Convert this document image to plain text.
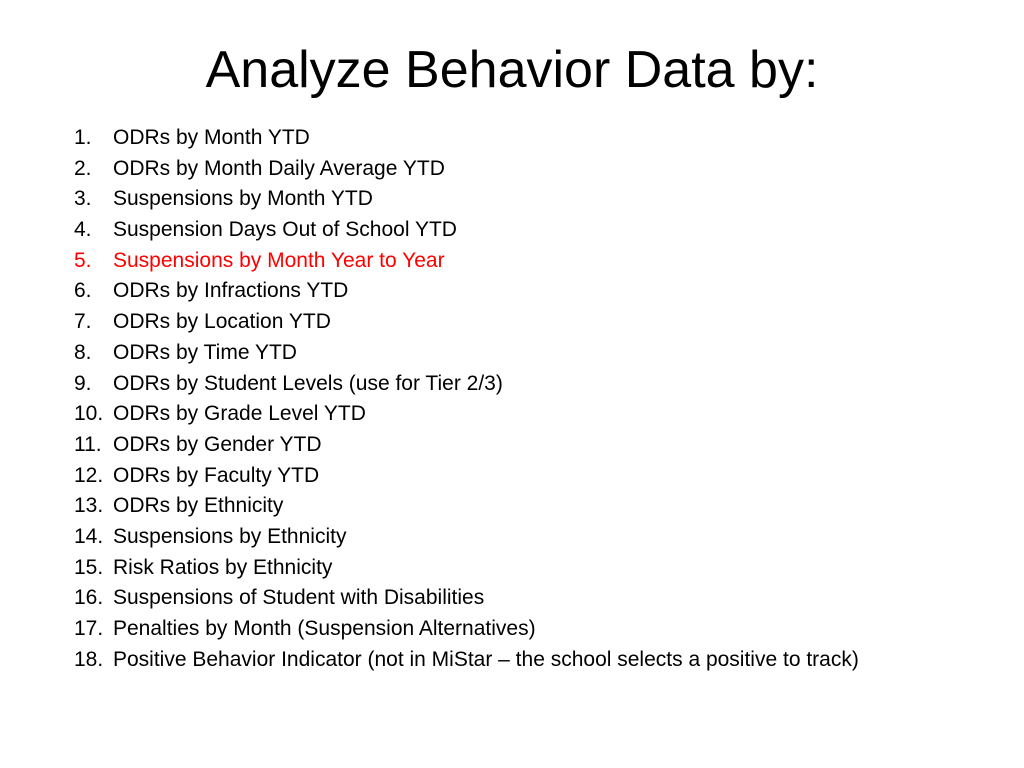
Analyze Behavior Data by:
1.	ODRs by Month YTD
2.	ODRs by Month Daily Average YTD
3.	Suspensions by Month YTD
4.	Suspension Days Out of School YTD
5.	Suspensions by Month Year to Year
6.	ODRs by Infractions YTD
7.	ODRs by Location YTD
8.	ODRs by Time YTD
9.	ODRs by Student Levels (use for Tier 2/3)
10. ODRs by Grade Level YTD
11. ODRs by Gender YTD
12. ODRs by Faculty YTD
13. ODRs by Ethnicity
14. Suspensions by Ethnicity
15. Risk Ratios by Ethnicity
16. Suspensions of Student with Disabilities
17. Penalties by Month (Suspension Alternatives)
18. Positive Behavior Indicator (not in MiStar – the school selects a positive to track)
